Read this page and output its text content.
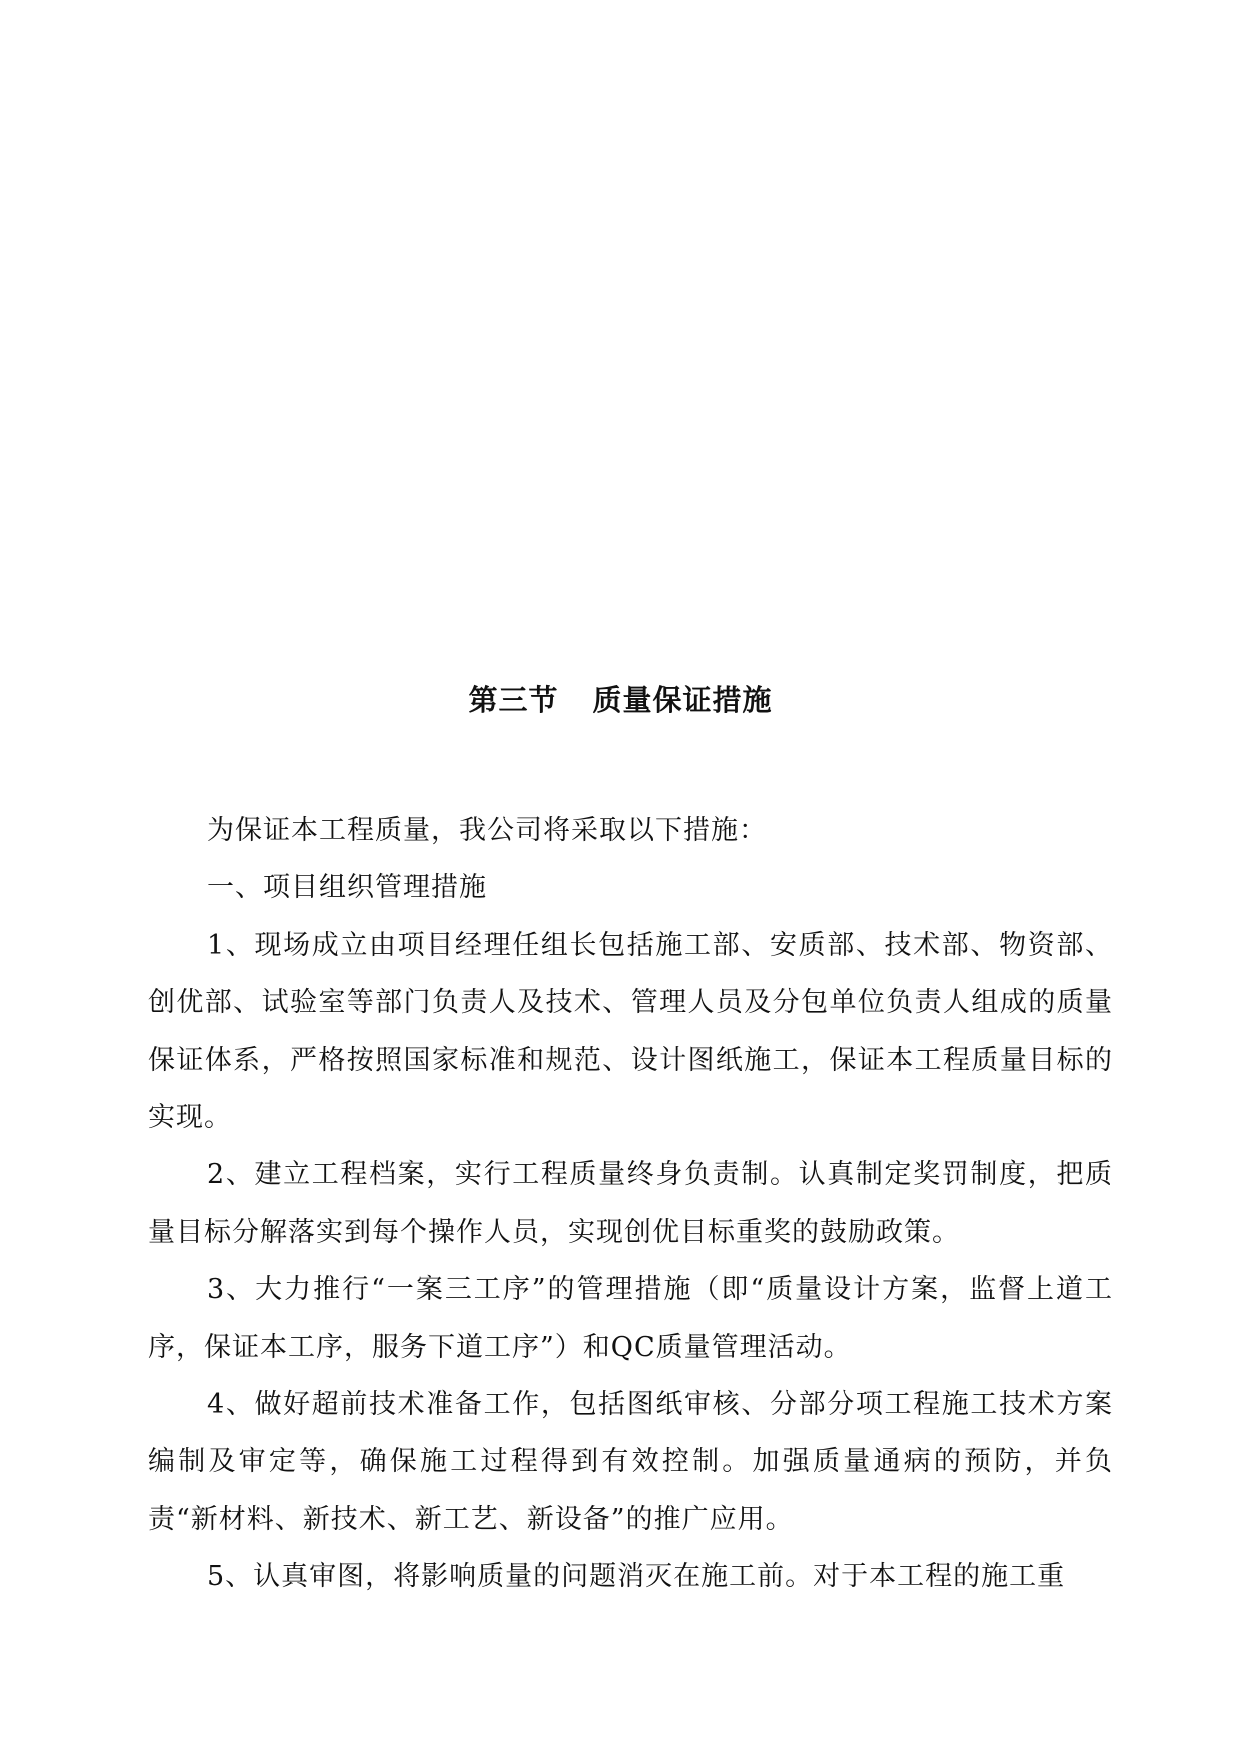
第三节 质量保证措施

为保证本工程质量，我公司将采取以下措施：

一、项目组织管理措施

1、现场成立由项目经理任组长包括施工部、安质部、技术部、物资部、创优部、试验室等部门负责人及技术、管理人员及分包单位负责人组成的质量保证体系，严格按照国家标准和规范、设计图纸施工，保证本工程质量目标的实现。

2、建立工程档案，实行工程质量终身负责制。认真制定奖罚制度，把质量目标分解落实到每个操作人员，实现创优目标重奖的鼓励政策。

3、大力推行“一案三工序”的管理措施（即“质量设计方案，监督上道工序，保证本工序，服务下道工序”）和QC质量管理活动。

4、做好超前技术准备工作，包括图纸审核、分部分项工程施工技术方案编制及审定等，确保施工过程得到有效控制。加强质量通病的预防，并负责“新材料、新技术、新工艺、新设备”的推广应用。

5、认真审图，将影响质量的问题消灭在施工前。对于本工程的施工重
